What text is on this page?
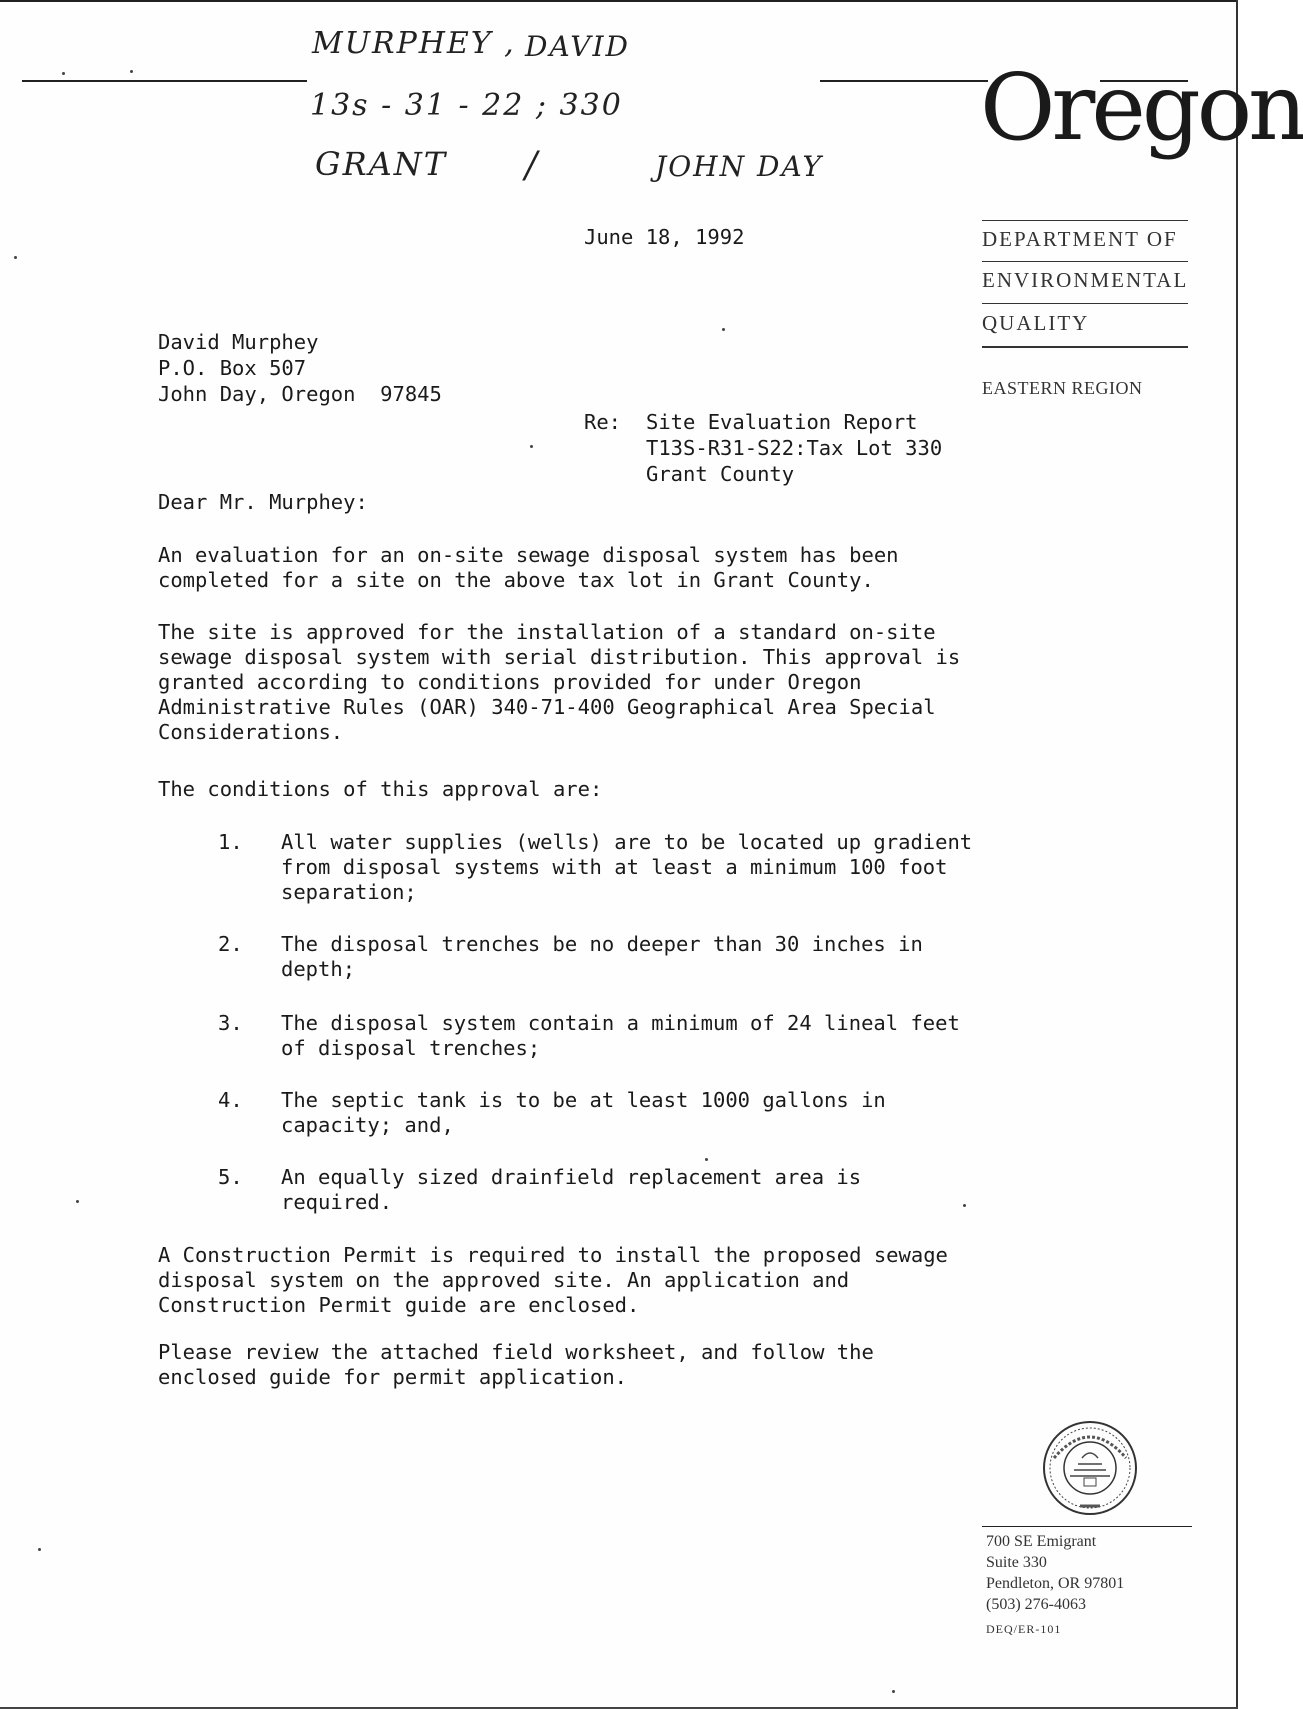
MURPHEY , DAVID
13s - 31 - 22 ; 330
GRANT /	JOHN DAY
Oregon
DEPARTMENT OF
ENVIRONMENTAL
QUALITY
EASTERN REGION
June 18, 1992
David Murphey
P.O. Box 507
John Day, Oregon  97845
Re: Site Evaluation Report
T13S-R31-S22:Tax Lot 330
Grant County
Dear Mr. Murphey:

An evaluation for an on-site sewage disposal system has been completed for a site on the above tax lot in Grant County.

The site is approved for the installation of a standard on-site sewage disposal system with serial distribution. This approval is granted according to conditions provided for under Oregon Administrative Rules (OAR) 340-71-400 Geographical Area Special Considerations.

The conditions of this approval are:
1. All water supplies (wells) are to be located up gradient from disposal systems with at least a minimum 100 foot separation;
2. The disposal trenches be no deeper than 30 inches in depth;
3. The disposal system contain a minimum of 24 lineal feet of disposal trenches;
4. The septic tank is to be at least 1000 gallons in capacity; and,
5. An equally sized drainfield replacement area is required.

A Construction Permit is required to install the proposed sewage disposal system on the approved site. An application and Construction Permit guide are enclosed.

Please review the attached field worksheet, and follow the enclosed guide for permit application.

700 SE Emigrant
Suite 330
Pendleton, OR 97801
(503) 276-4063
DEQ/ER-101
